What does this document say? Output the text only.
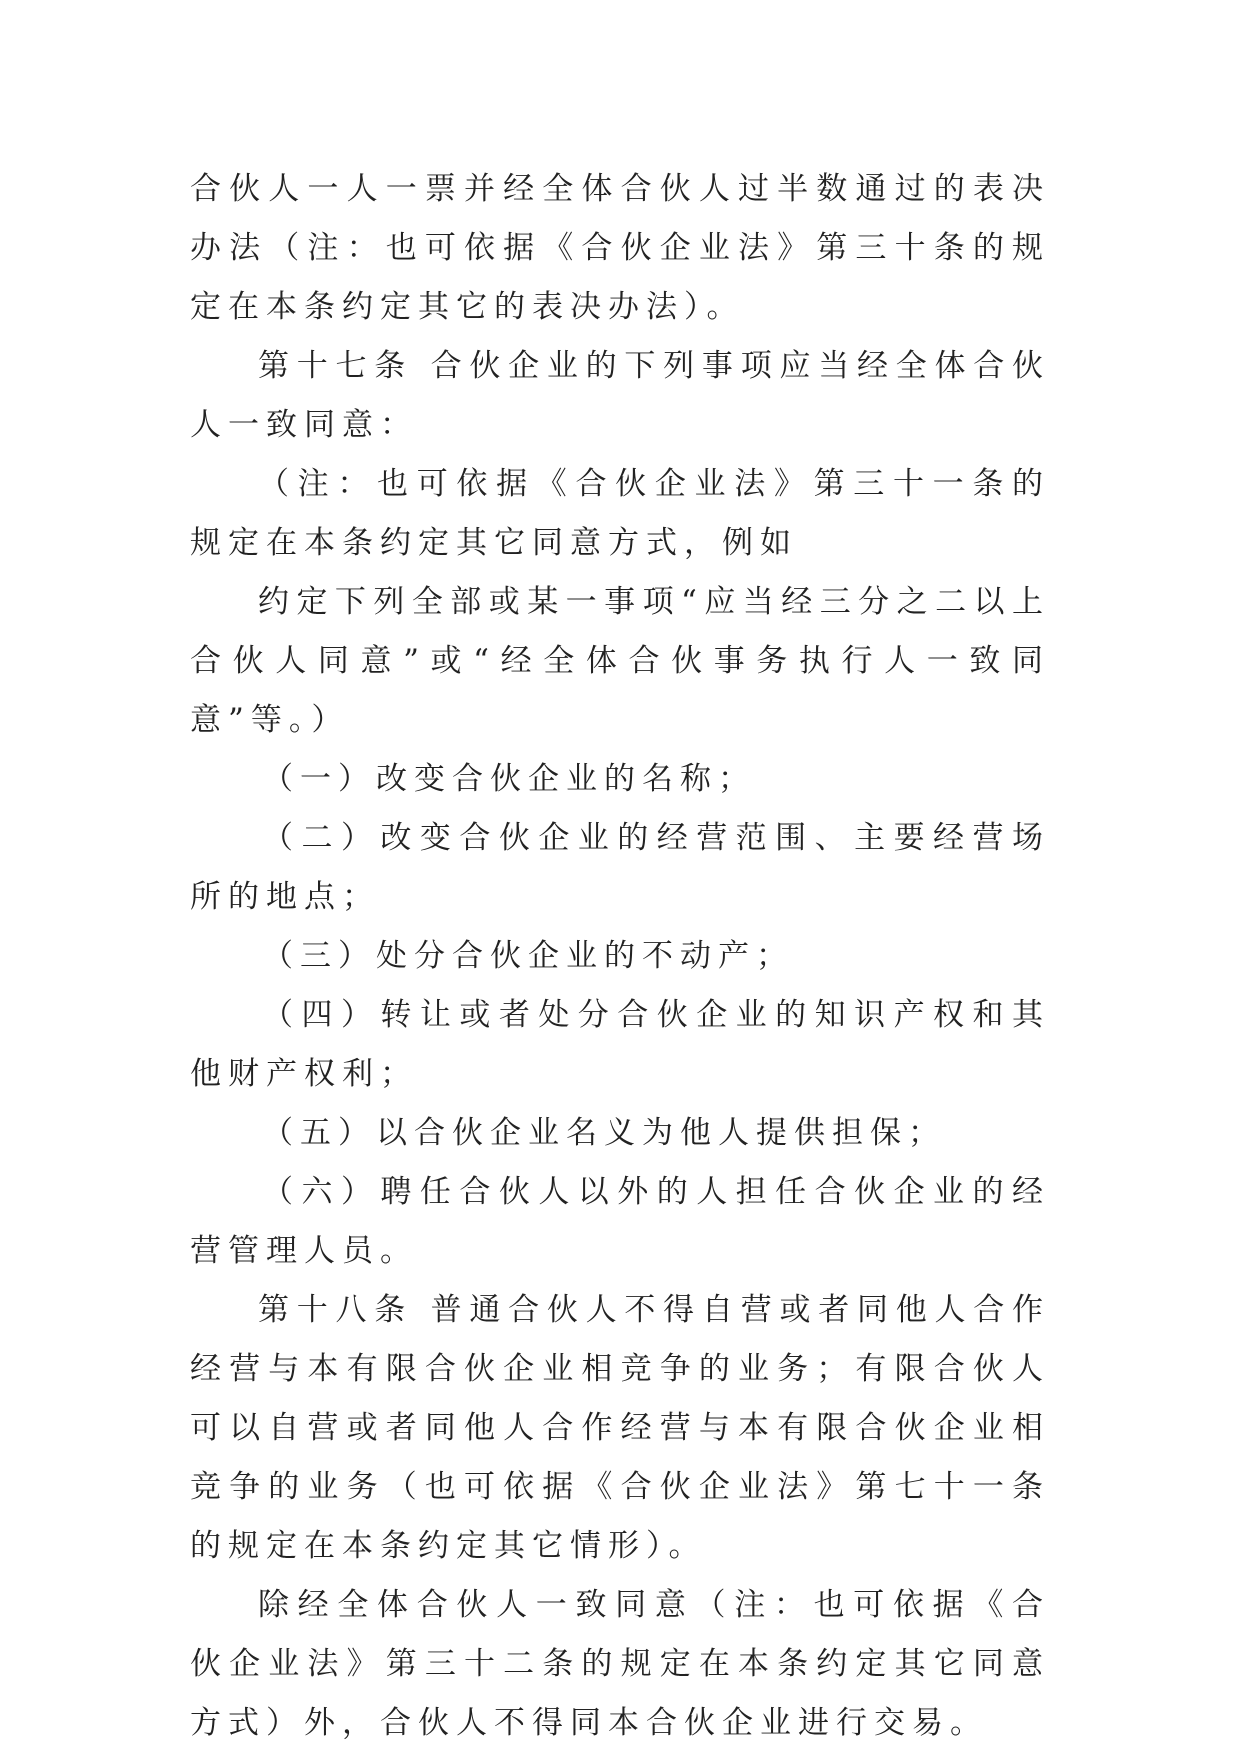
合伙人一人一票并经全体合伙人过半数通过的表决办法（注：也可依据《合伙企业法》第三十条的规定在本条约定其它的表决办法）。

第十七条 合伙企业的下列事项应当经全体合伙人一致同意：

（注：也可依据《合伙企业法》第三十一条的规定在本条约定其它同意方式，例如

约定下列全部或某一事项“应当经三分之二以上合伙人同意”或“经全体合伙事务执行人一致同意”等。）

（一）改变合伙企业的名称；

（二）改变合伙企业的经营范围、主要经营场所的地点；

（三）处分合伙企业的不动产；

（四）转让或者处分合伙企业的知识产权和其他财产权利；

（五）以合伙企业名义为他人提供担保；

（六）聘任合伙人以外的人担任合伙企业的经营管理人员。

第十八条 普通合伙人不得自营或者同他人合作经营与本有限合伙企业相竞争的业务；有限合伙人可以自营或者同他人合作经营与本有限合伙企业相竞争的业务（也可依据《合伙企业法》第七十一条的规定在本条约定其它情形）。

除经全体合伙人一致同意（注：也可依据《合伙企业法》第三十二条的规定在本条约定其它同意方式）外，合伙人不得同本合伙企业进行交易。
